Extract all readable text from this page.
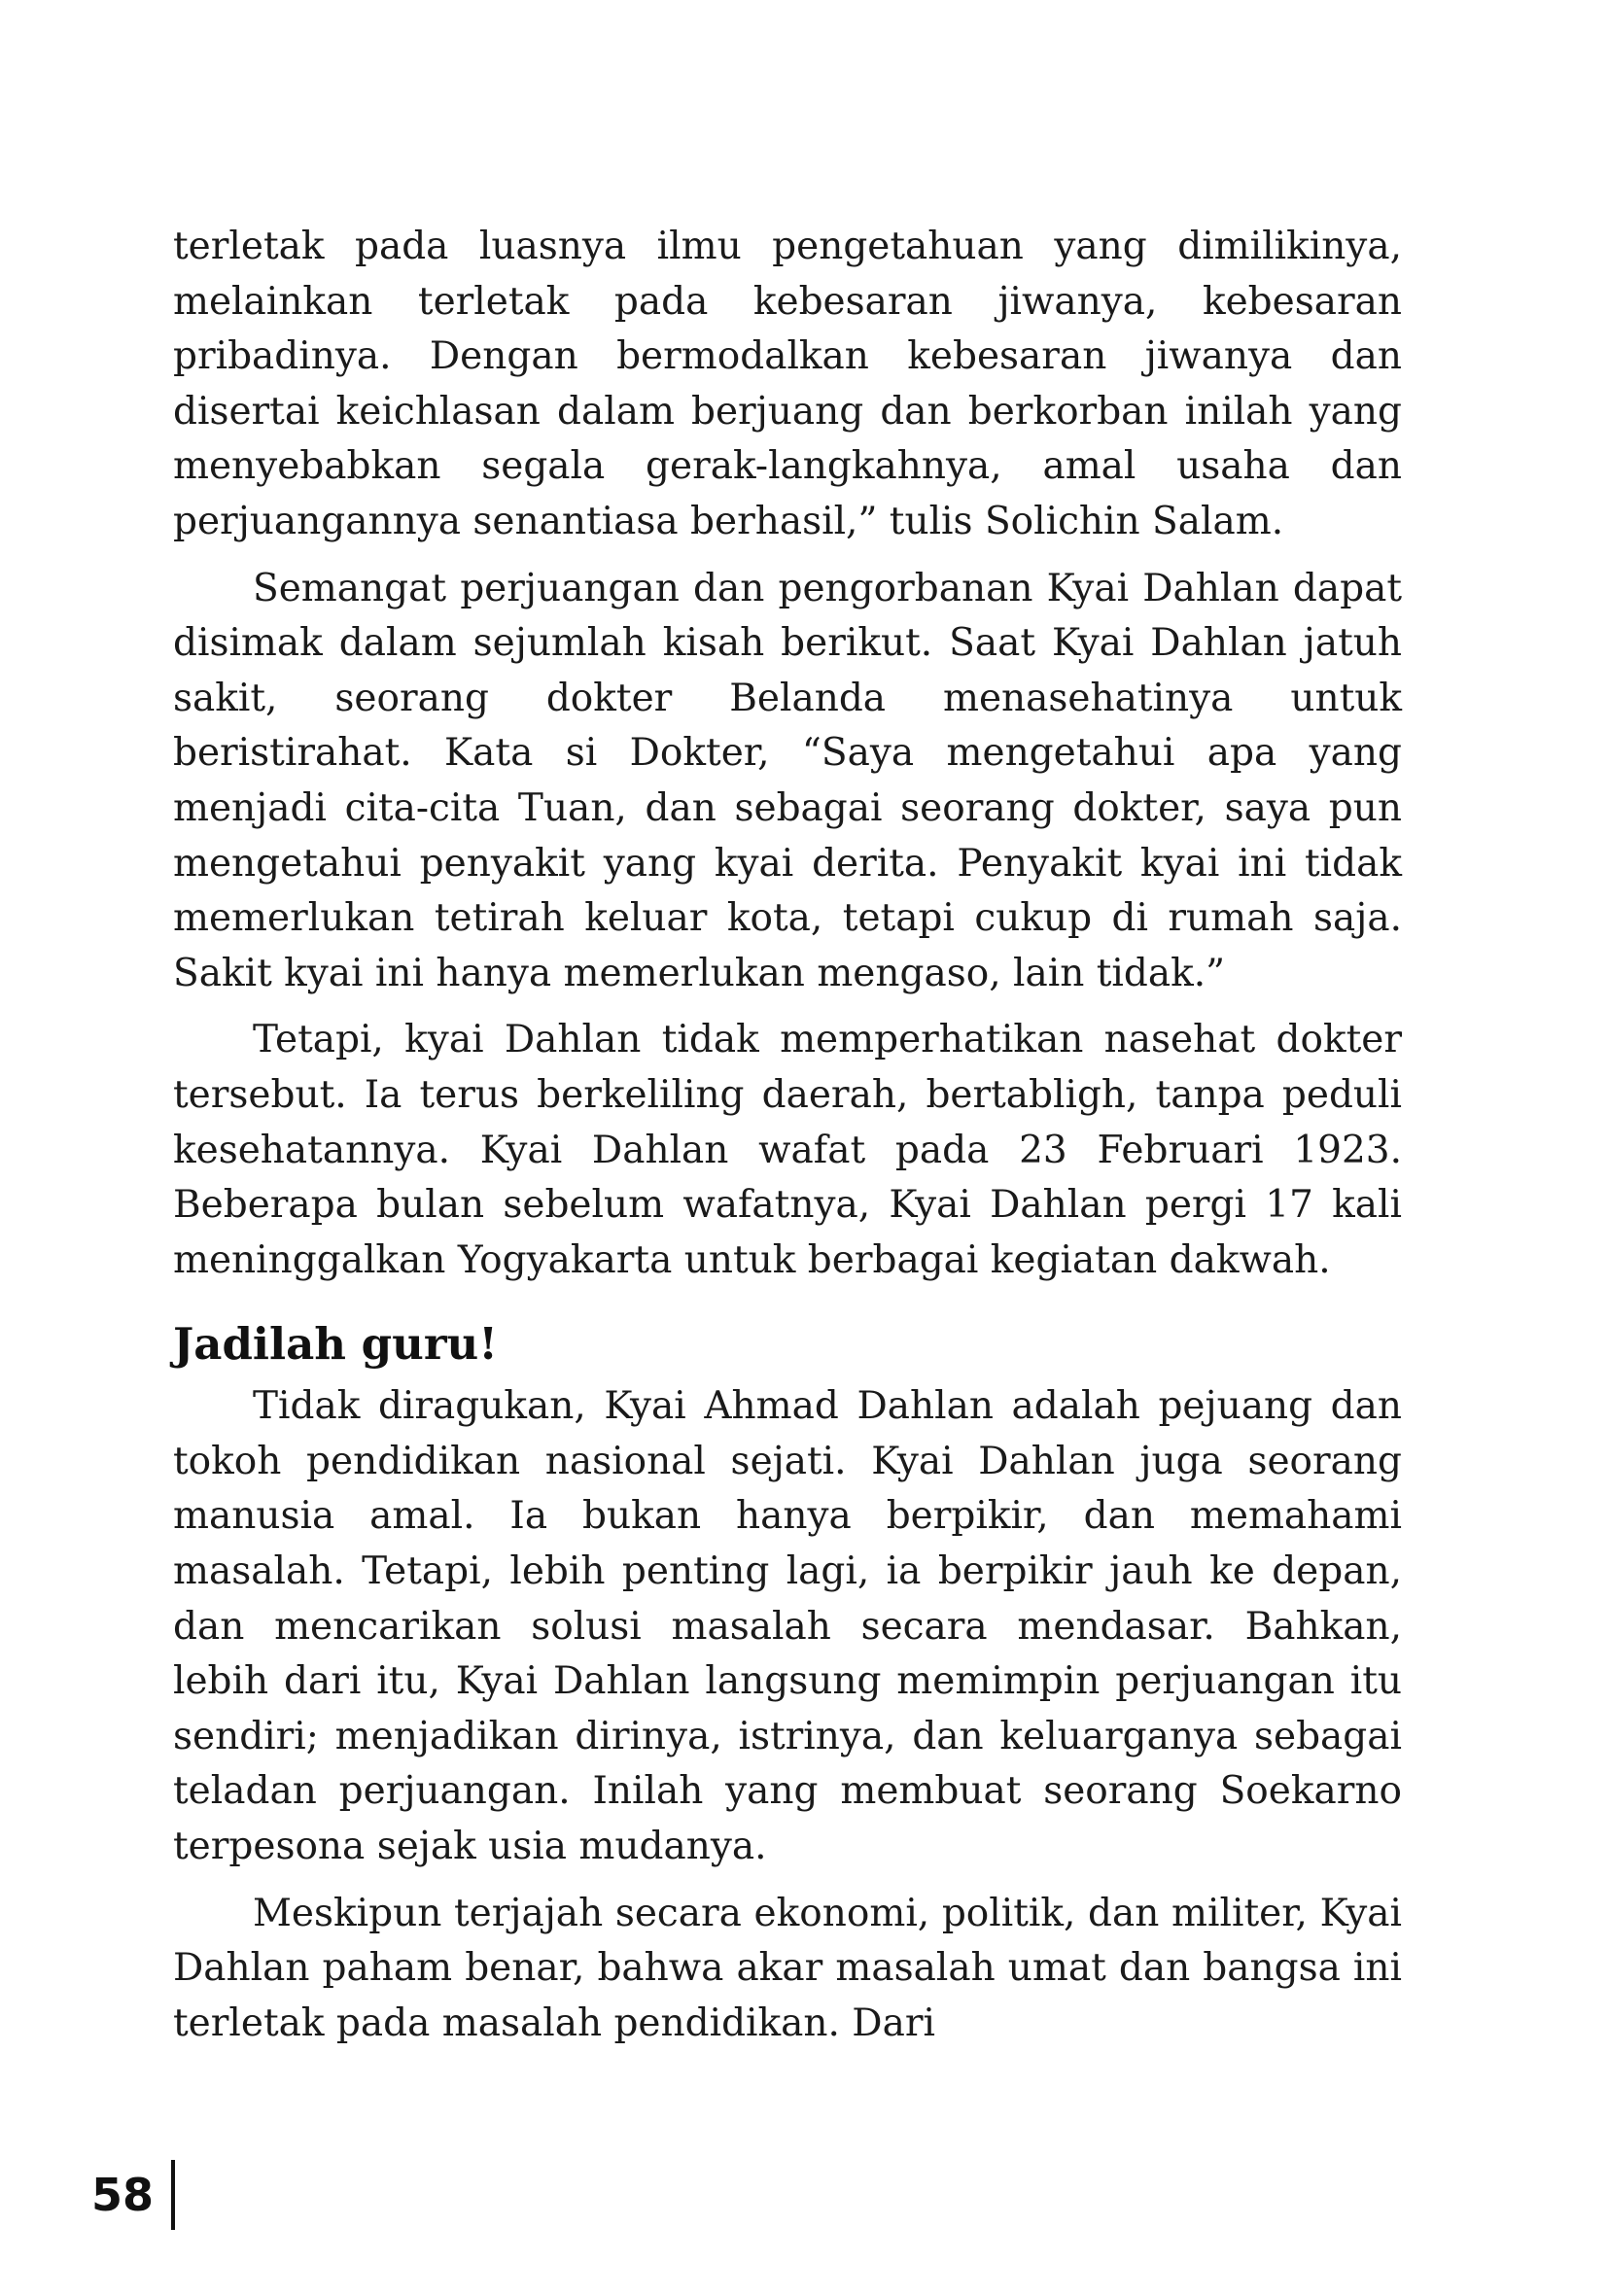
terletak pada luasnya ilmu pengetahuan yang dimilikinya, melainkan terletak pada kebesaran jiwanya, kebesaran pribadinya. Dengan bermodalkan kebesaran jiwanya dan disertai keichlasan dalam berjuang dan berkorban inilah yang menyebabkan segala gerak-langkahnya, amal usaha dan perjuangannya senantiasa berhasil,” tulis Solichin Salam.

Semangat perjuangan dan pengorbanan Kyai Dahlan dapat disimak dalam sejumlah kisah berikut. Saat Kyai Dahlan jatuh sakit, seorang dokter Belanda menasehatinya untuk beristirahat. Kata si Dokter, “Saya mengetahui apa yang menjadi cita-cita Tuan, dan sebagai seorang dokter, saya pun mengetahui penyakit yang kyai derita. Penyakit kyai ini tidak memerlukan tetirah keluar kota, tetapi cukup di rumah saja. Sakit kyai ini hanya memerlukan mengaso, lain tidak.”

Tetapi, kyai Dahlan tidak memperhatikan nasehat dokter tersebut. Ia terus berkeliling daerah, bertabligh, tanpa peduli kesehatannya. Kyai Dahlan wafat pada 23 Februari 1923. Beberapa bulan sebelum wafatnya, Kyai Dahlan pergi 17 kali meninggalkan Yogyakarta untuk berbagai kegiatan dakwah.

Jadilah guru!

Tidak diragukan, Kyai Ahmad Dahlan adalah pejuang dan tokoh pendidikan nasional sejati. Kyai Dahlan juga seorang manusia amal. Ia bukan hanya berpikir, dan memahami masalah. Tetapi, lebih penting lagi, ia berpikir jauh ke depan, dan mencarikan solusi masalah secara mendasar. Bahkan, lebih dari itu, Kyai Dahlan langsung memimpin perjuangan itu sendiri; menjadikan dirinya, istrinya, dan keluarganya sebagai teladan perjuangan. Inilah yang membuat seorang Soekarno terpesona sejak usia mudanya.

Meskipun terjajah secara ekonomi, politik, dan militer, Kyai Dahlan paham benar, bahwa akar masalah umat dan bangsa ini terletak pada masalah pendidikan. Dari

58
